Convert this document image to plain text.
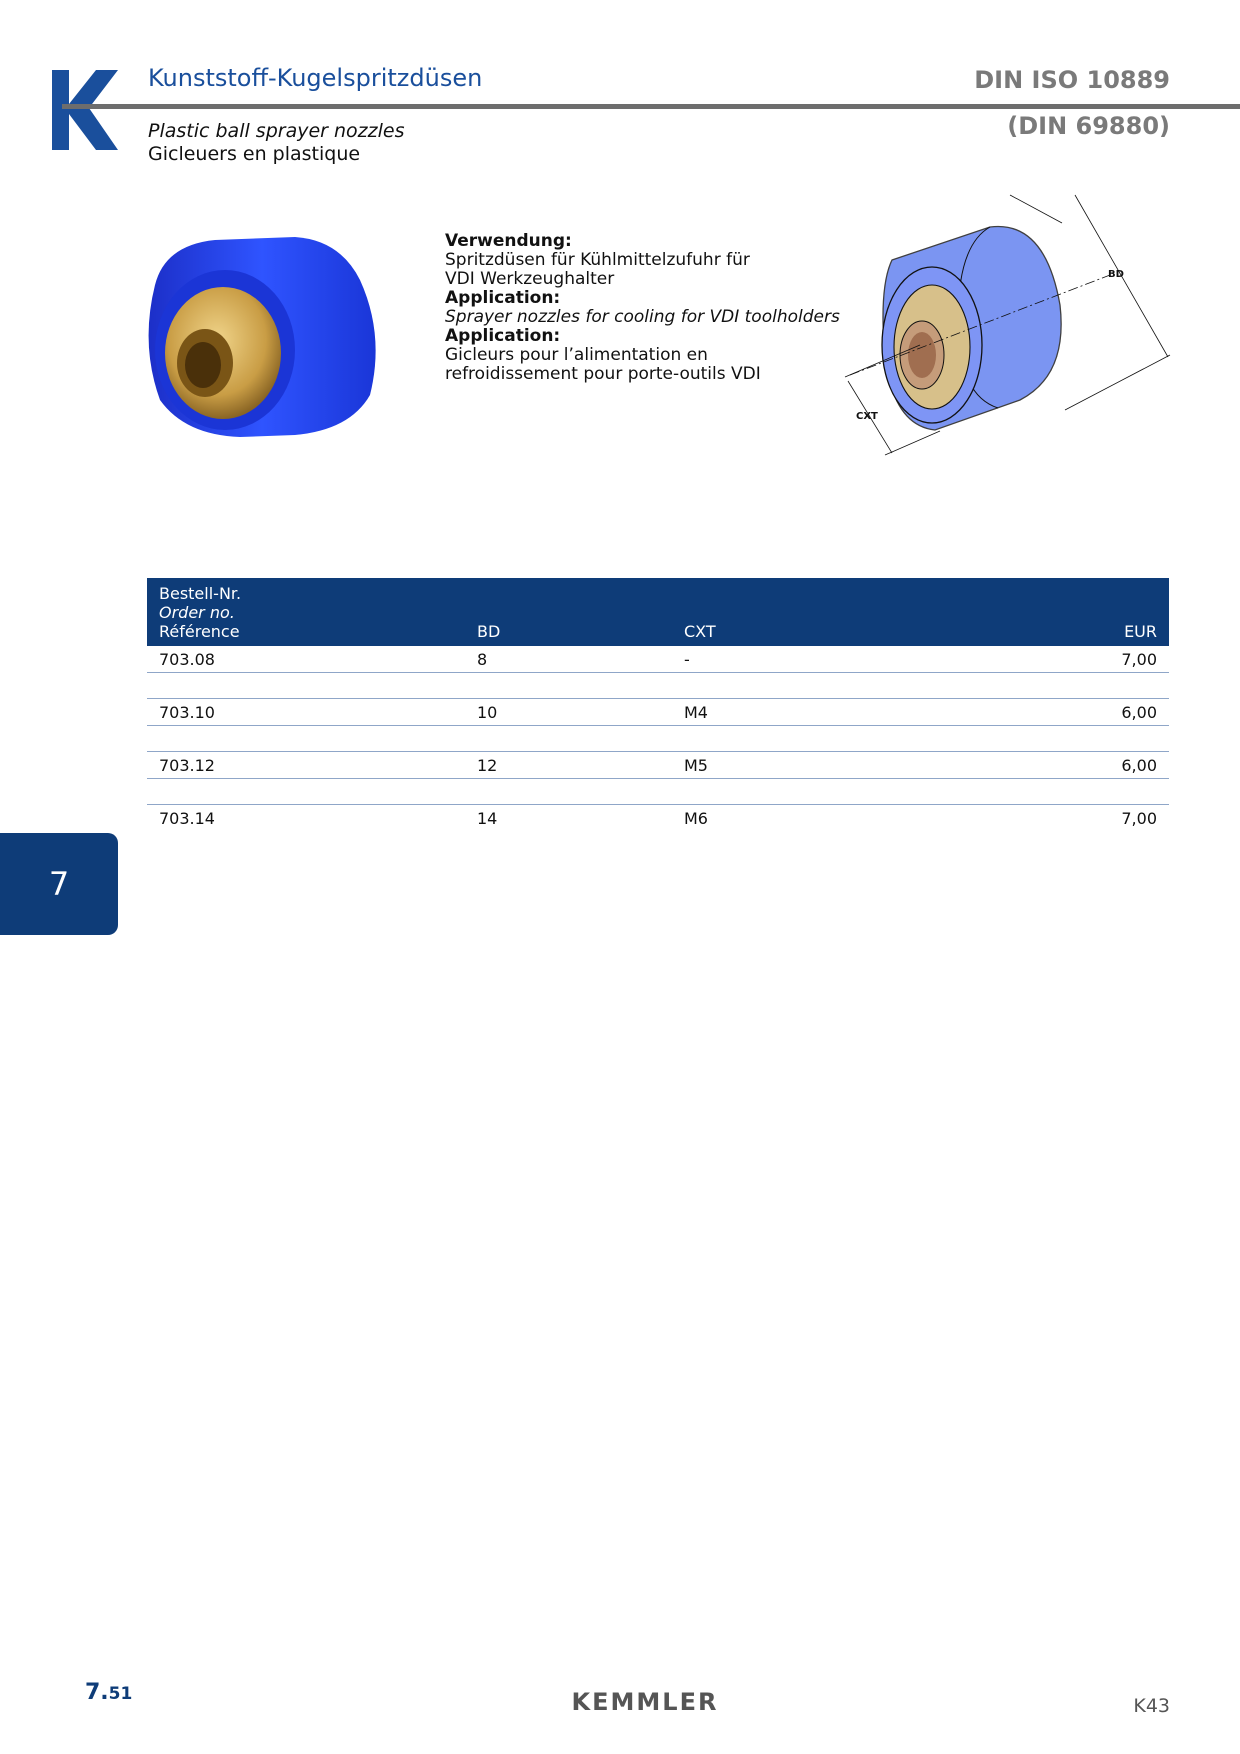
Kunststoff-Kugelspritzdüsen
Plastic ball sprayer nozzles
Gicleuers en plastique
DIN ISO 10889
(DIN 69880)
Verwendung:
Spritzdüsen für Kühlmittelzufuhr für
VDI Werkzeughalter
Application:
Sprayer nozzles for cooling for VDI toolholders
Application:
Gicleurs pour l’alimentation en
refroidissement pour porte-outils VDI
BD
CXT
Bestell-Nr.
Order no.
Référence	BD	CXT	EUR
703.08	8	-	7,00

703.10	10	M4	6,00

703.12	12	M5	6,00

703.14	14	M6	7,00
7
7.51	KEMMLER	K43
